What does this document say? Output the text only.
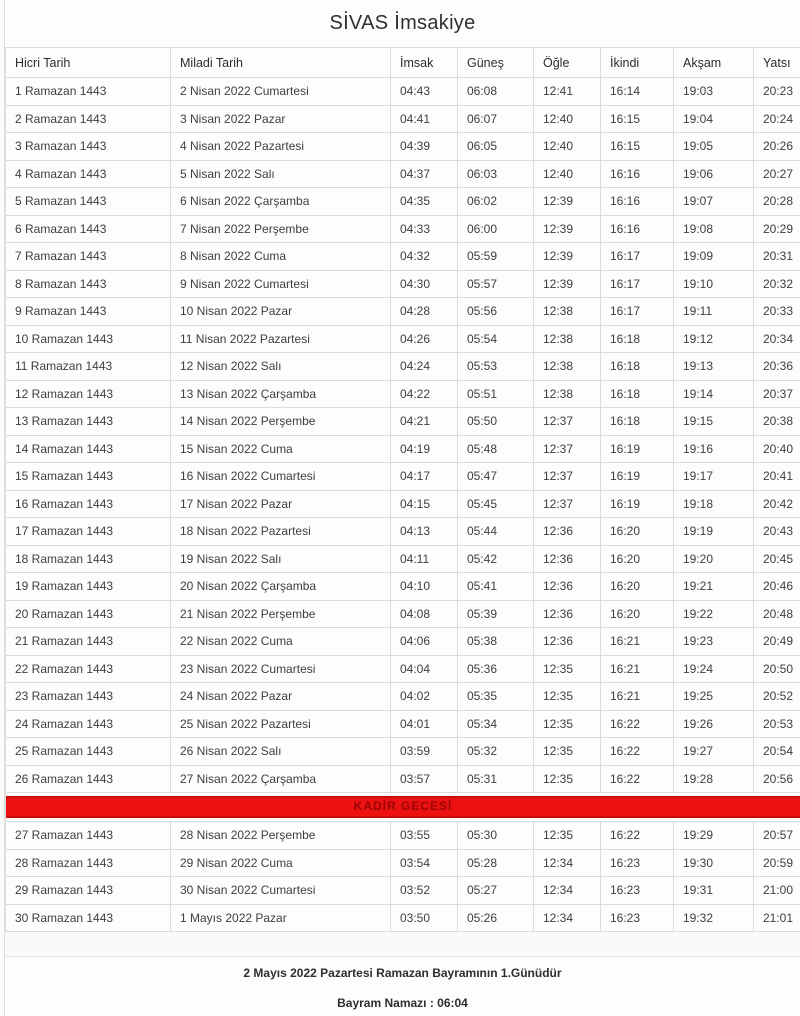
SİVAS İmsakiye
Hicri Tarih	Miladi Tarih	İmsak	Güneş	Öğle	İkindi	Akşam	Yatsı
1 Ramazan 1443	2 Nisan 2022 Cumartesi	04:43	06:08	12:41	16:14	19:03	20:23
2 Ramazan 1443	3 Nisan 2022 Pazar	04:41	06:07	12:40	16:15	19:04	20:24
3 Ramazan 1443	4 Nisan 2022 Pazartesi	04:39	06:05	12:40	16:15	19:05	20:26
4 Ramazan 1443	5 Nisan 2022 Salı	04:37	06:03	12:40	16:16	19:06	20:27
5 Ramazan 1443	6 Nisan 2022 Çarşamba	04:35	06:02	12:39	16:16	19:07	20:28
6 Ramazan 1443	7 Nisan 2022 Perşembe	04:33	06:00	12:39	16:16	19:08	20:29
7 Ramazan 1443	8 Nisan 2022 Cuma	04:32	05:59	12:39	16:17	19:09	20:31
8 Ramazan 1443	9 Nisan 2022 Cumartesi	04:30	05:57	12:39	16:17	19:10	20:32
9 Ramazan 1443	10 Nisan 2022 Pazar	04:28	05:56	12:38	16:17	19:11	20:33
10 Ramazan 1443	11 Nisan 2022 Pazartesi	04:26	05:54	12:38	16:18	19:12	20:34
11 Ramazan 1443	12 Nisan 2022 Salı	04:24	05:53	12:38	16:18	19:13	20:36
12 Ramazan 1443	13 Nisan 2022 Çarşamba	04:22	05:51	12:38	16:18	19:14	20:37
13 Ramazan 1443	14 Nisan 2022 Perşembe	04:21	05:50	12:37	16:18	19:15	20:38
14 Ramazan 1443	15 Nisan 2022 Cuma	04:19	05:48	12:37	16:19	19:16	20:40
15 Ramazan 1443	16 Nisan 2022 Cumartesi	04:17	05:47	12:37	16:19	19:17	20:41
16 Ramazan 1443	17 Nisan 2022 Pazar	04:15	05:45	12:37	16:19	19:18	20:42
17 Ramazan 1443	18 Nisan 2022 Pazartesi	04:13	05:44	12:36	16:20	19:19	20:43
18 Ramazan 1443	19 Nisan 2022 Salı	04:11	05:42	12:36	16:20	19:20	20:45
19 Ramazan 1443	20 Nisan 2022 Çarşamba	04:10	05:41	12:36	16:20	19:21	20:46
20 Ramazan 1443	21 Nisan 2022 Perşembe	04:08	05:39	12:36	16:20	19:22	20:48
21 Ramazan 1443	22 Nisan 2022 Cuma	04:06	05:38	12:36	16:21	19:23	20:49
22 Ramazan 1443	23 Nisan 2022 Cumartesi	04:04	05:36	12:35	16:21	19:24	20:50
23 Ramazan 1443	24 Nisan 2022 Pazar	04:02	05:35	12:35	16:21	19:25	20:52
24 Ramazan 1443	25 Nisan 2022 Pazartesi	04:01	05:34	12:35	16:22	19:26	20:53
25 Ramazan 1443	26 Nisan 2022 Salı	03:59	05:32	12:35	16:22	19:27	20:54
26 Ramazan 1443	27 Nisan 2022 Çarşamba	03:57	05:31	12:35	16:22	19:28	20:56

KADİR GECESİ							

27 Ramazan 1443	28 Nisan 2022 Perşembe	03:55	05:30	12:35	16:22	19:29	20:57
28 Ramazan 1443	29 Nisan 2022 Cuma	03:54	05:28	12:34	16:23	19:30	20:59
29 Ramazan 1443	30 Nisan 2022 Cumartesi	03:52	05:27	12:34	16:23	19:31	21:00
30 Ramazan 1443	1 Mayıs 2022 Pazar	03:50	05:26	12:34	16:23	19:32	21:01
2 Mayıs 2022 Pazartesi Ramazan Bayramının 1.Günüdür
Bayram Namazı : 06:04
